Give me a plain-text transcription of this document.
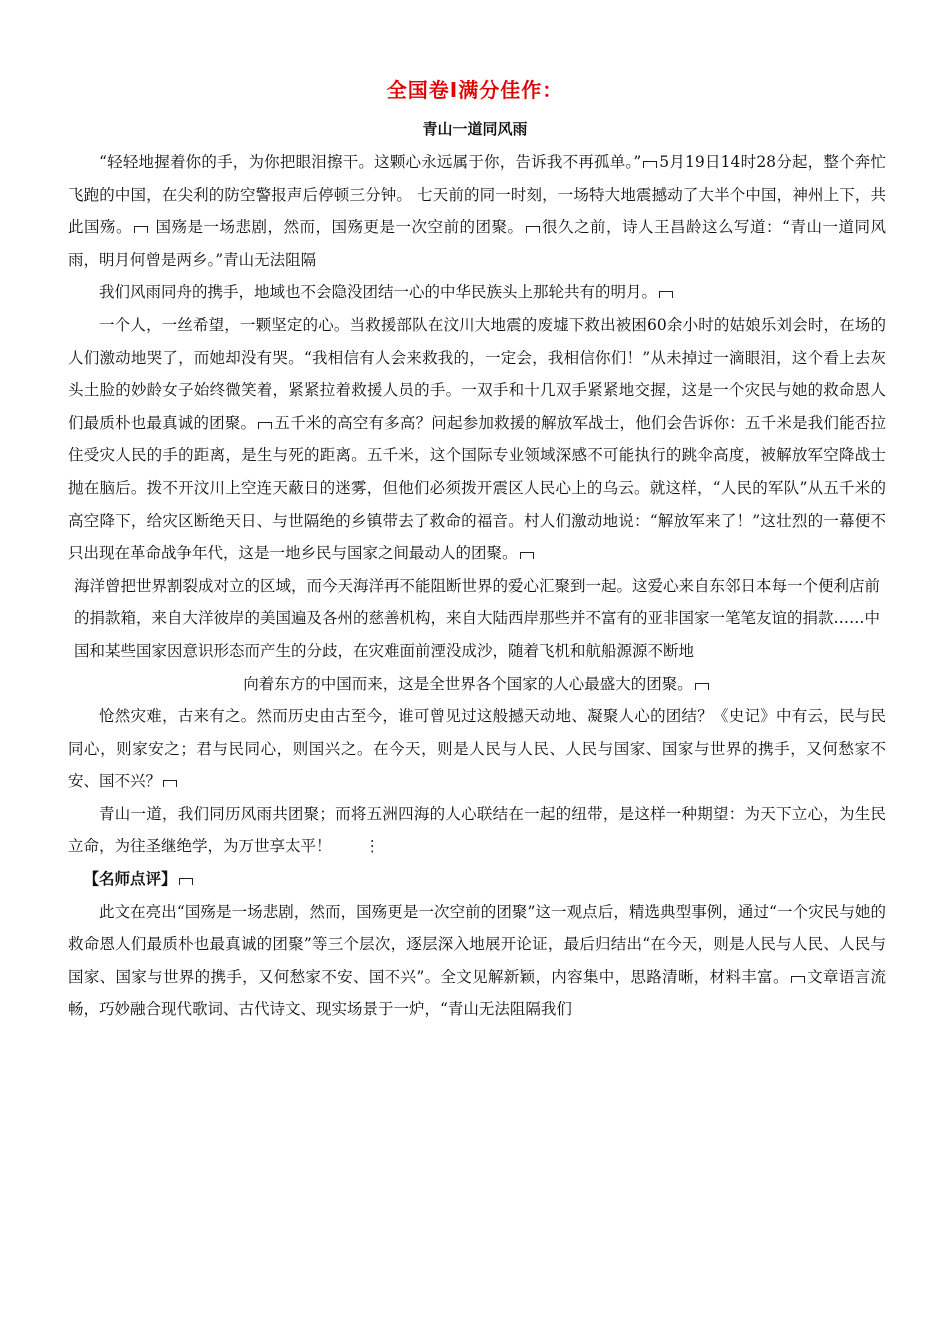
全国卷Ⅰ满分佳作：
青山一道同风雨

“轻轻地握着你的手，为你把眼泪擦干。这颗心永远属于你，告诉我不再孤单。” 5月19日14时28分起，整个奔忙飞跑的中国，在尖利的防空警报声后停顿三分钟。 七天前的同一时刻，一场特大地震撼动了大半个中国，神州上下，共此国殇。 国殇是一场悲剧，然而，国殇更是一次空前的团聚。 很久之前，诗人王昌龄这么写道：“青山一道同风雨，明月何曾是两乡。”青山无法阻隔

我们风雨同舟的携手，地域也不会隐没团结一心的中华民族头上那轮共有的明月。

一个人，一丝希望，一颗坚定的心。当救援部队在汶川大地震的废墟下救出被困60余小时的姑娘乐刘会时，在场的人们激动地哭了，而她却没有哭。“我相信有人会来救我的，一定会，我相信你们！”从未掉过一滴眼泪，这个看上去灰头土脸的妙龄女子始终微笑着，紧紧拉着救援人员的手。一双手和十几双手紧紧地交握，这是一个灾民与她的救命恩人们最质朴也最真诚的团聚。 五千米的高空有多高？问起参加救援的解放军战士，他们会告诉你：五千米是我们能否拉住受灾人民的手的距离，是生与死的距离。五千米，这个国际专业领域深感不可能执行的跳伞高度，被解放军空降战士抛在脑后。拨不开汶川上空连天蔽日的迷雾，但他们必须拨开震区人民心上的乌云。就这样，“人民的军队”从五千米的高空降下，给灾区断绝天日、与世隔绝的乡镇带去了救命的福音。村人们激动地说：“解放军来了！”这壮烈的一幕便不只出现在革命战争年代，这是一地乡民与国家之间最动人的团聚。

海洋曾把世界割裂成对立的区域，而今天海洋再不能阻断世界的爱心汇聚到一起。这爱心来自东邻日本每一个便利店前的捐款箱，来自大洋彼岸的美国遍及各州的慈善机构，来自大陆西岸那些并不富有的亚非国家一笔笔友谊的捐款……中国和某些国家因意识形态而产生的分歧，在灾难面前湮没成沙，随着飞机和航船源源不断地

向着东方的中国而来，这是全世界各个国家的人心最盛大的团聚。

怆然灾难，古来有之。然而历史由古至今，谁可曾见过这般撼天动地、凝聚人心的团结？《史记》中有云，民与民同心，则家安之；君与民同心，则国兴之。在今天，则是人民与人民、人民与国家、国家与世界的携手，又何愁家不安、国不兴？

青山一道，我们同历风雨共团聚；而将五洲四海的人心联结在一起的纽带，是这样一种期望：为天下立心，为生民立命，为往圣继绝学，为万世享太平！ ⋮

【名师点评】

此文在亮出“国殇是一场悲剧，然而，国殇更是一次空前的团聚”这一观点后，精选典型事例，通过“一个灾民与她的救命恩人们最质朴也最真诚的团聚”等三个层次，逐层深入地展开论证，最后归结出“在今天，则是人民与人民、人民与国家、国家与世界的携手，又何愁家不安、国不兴”。全文见解新颖，内容集中，思路清晰，材料丰富。 文章语言流畅，巧妙融合现代歌词、古代诗文、现实场景于一炉，“青山无法阻隔我们
